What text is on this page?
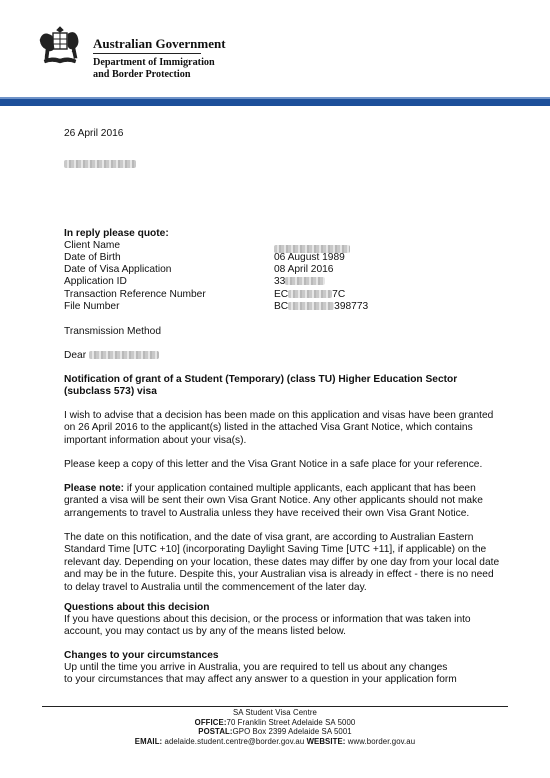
Australian Government
Department of Immigration and Border Protection
26 April 2016
In reply please quote:
Client Name
Date of Birth	06 August 1989
Date of Visa Application	08 April 2016
Application ID	33
Transaction Reference Number	EC	7C
File Number	BC	398773
Transmission Method
Dear
Notification of grant of a Student (Temporary) (class TU) Higher Education Sector (subclass 573) visa
I wish to advise that a decision has been made on this application and visas have been granted on 26 April 2016 to the applicant(s) listed in the attached Visa Grant Notice, which contains important information about your visa(s).
Please keep a copy of this letter and the Visa Grant Notice in a safe place for your reference.
Please note: if your application contained multiple applicants, each applicant that has been granted a visa will be sent their own Visa Grant Notice. Any other applicants should not make arrangements to travel to Australia unless they have received their own Visa Grant Notice.
The date on this notification, and the date of visa grant, are according to Australian Eastern Standard Time [UTC +10] (incorporating Daylight Saving Time [UTC +11], if applicable) on the relevant day. Depending on your location, these dates may differ by one day from your local date and may be in the future. Despite this, your Australian visa is already in effect - there is no need to delay travel to Australia until the commencement of the later day.
Questions about this decision
If you have questions about this decision, or the process or information that was taken into account, you may contact us by any of the means listed below.
Changes to your circumstances
Up until the time you arrive in Australia, you are required to tell us about any changes
to your circumstances that may affect any answer to a question in your application form
SA Student Visa Centre
OFFICE:70 Franklin Street Adelaide SA 5000
POSTAL:GPO Box 2399 Adelaide SA 5001
EMAIL: adelaide.student.centre@border.gov.au WEBSITE: www.border.gov.au
